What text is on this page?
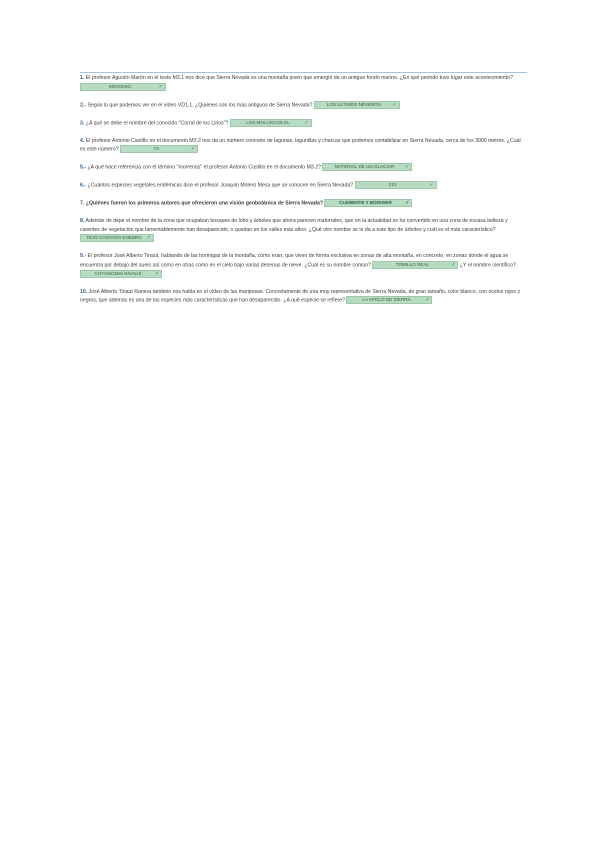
1. El profesor Agustín Martín en el texto M3.1 nos dice que Sierra Nevada es una montaña joven que emergió de un antiguo fondo marino. ¿En qué periodo tuvo lugar este acontecimiento? MIOCENO	✓

2.- Según lo que podemos ver en el vídeo VD1.1, ¿Quiénes son los más antiguos de Sierra Nevada?	LOS ÚLTIMOS NEVEROS ✓

3. ¿A qué se debe el nombre del conocido "Corral de los Lirios"?	LOS MOLUSCOS EL	✓

4. El profesor Antonio Castillo en el documento M3.2 nos da un número concreto de lagunas, lagunillas y charcas que podemos contabilizar en Sierra Nevada, cerca de los 3000 metros. ¿Cuál es este número?	74	✓

5.- ¿A qué hace referencia con el término "morrenas" el profesor Antonio Castillo en el documento M3.2?	MATERIAL DE UN GLACIAR ✓

6.- ¿Cuántos especies vegetales endémicas dice el profesor Joaquín Molero Mesa que se conocen en Sierra Nevada?	210	✓

7. ¿Quiénes fueron los primeros autores que ofrecieron una visión geobotánica de Sierra Nevada?	CLEMENTE Y BOISSIER	✓

8. Además de dejar el nombre de la zona que ocupaban bosques de lobo y árboles que ahora parecen matorrales, que en la actualidad se ha convertido en una zona de escasa belleza y carentes de vegetación que lamentablemente han desaparecido, o quedan en los valles más altos: ¿Qué otro nombre se le da a este tipo de árboles y cuál es el más característico? TEJO CASTAÑO ENEBRO ✓

9.- El profesor José Alberto Tinaut, hablando de las hormigas de la montaña, cómo eran, que viven de forma exclusiva en zonas de alta montaña, en concreto, en zonas donde el agua se encuentra por debajo del suelo así como en otras como en el cielo bajo varias decenas de nieve. ¿Cuál es su nombre común?	TOMILLO REAL	✓ ¿Y el nombre científico? CHYONOMIS NIVALIS	✓

10. José Alberto Tinaut Ranera también nos habla en el vídeo de las mariposas. Concretamente de una muy representativa de Sierra Nevada, de gran tamaño, color blanco, con ocelos rojos y negros, que además es una de las especies más características que han desaparecido. ¿A qué especie se refiere?	LA APOLO DE SIERRA	✓
